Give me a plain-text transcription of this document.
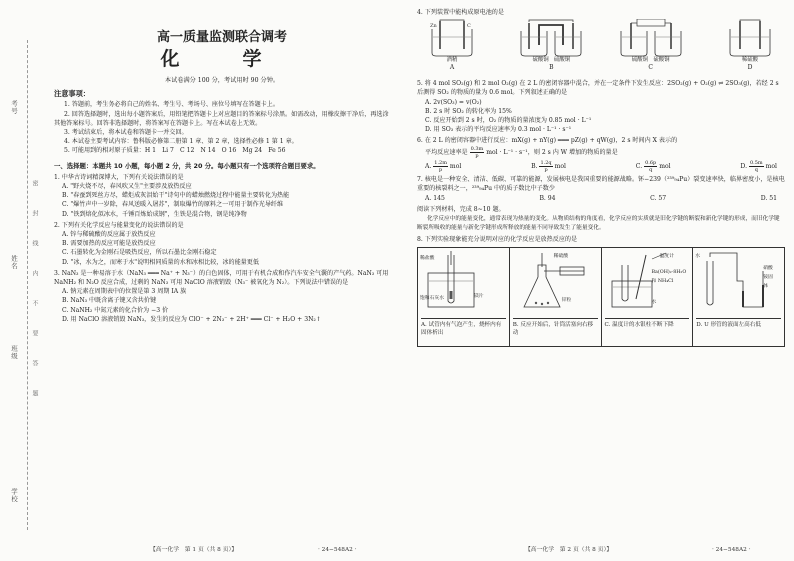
考号
姓名
班级
学校
密　封　线　内　不　要　答　题
高一质量监测联合调考
化　学
本试卷满分 100 分，考试用时 90 分钟。
注意事项：

1. 答题前，考生务必将自己的姓名、考生号、考场号、座位号填写在答题卡上。

2. 回答选择题时，选出每小题答案后，用铅笔把答题卡上对应题目的答案标号涂黑。如需改动，用橡皮擦干净后，再选涂其他答案标号。回答非选择题时，将答案写在答题卡上。写在本试卷上无效。

3. 考试结束后，将本试卷和答题卡一并交回。

4. 本试卷主要考试内容：鲁科版必修第二册第 1 章、第 2 章，选择性必修 1 第 1 章。

5. 可能用到的相对原子质量：H 1　Li 7　C 12　N 14　O 16　Mg 24　Fe 56

一、选择题：本题共 10 小题，每小题 2 分，共 20 分。每小题只有一个选项符合题目要求。
1. 中华古诗词精深博大，下列有关说法错误的是
A. "野火烧不尽，春风吹又生"主要涉及放热反应
B. "春蚕到死丝方尽，蜡炬成灰泪始干"诗句中的蜡烛燃烧过程中能量主要转化为热能
C. "爆竹声中一岁除，春风送暖入屠苏"，制取爆竹的原料之一可用于制作光导纤维
D. "铁到熔化似冰水，千锤百炼始成钢"，生铁是混合物，钢是纯净物
2. 下列有关化学反应与能量变化的说法错误的是
A. 锌与稀硫酸的反应属于放热反应
B. 需要加热的反应可能是放热反应
C. 石墨转化为金刚石是吸热反应，所以石墨比金刚石稳定
D. "冰，水为之，而寒于水"说明相同质量的水和冰相比较，冰的能量更低
3. NaN₃ 是一种易溶于水（NaN₃ ═══ Na⁺ + N₃⁻）的白色固体，可用于有机合成和作汽车安全气囊的产气药。NaN₃ 可用 NaNH₂ 和 N₂O 反应合成，过剩的 NaN₃ 可用 NaClO 溶液销毁（N₃⁻ 被氧化为 N₂）。下列说法中错误的是
A. 钠元素在周期表中的位置是第 3 周期 ⅠA 族
B. NaN₃ 中既含离子键又含共价键
C. NaNH₂ 中氮元素的化合价为 −3 价
D. 用 NaClO 溶液销毁 NaN₃，发生的反应为 ClO⁻ + 2N₃⁻ + 2H⁺ ═══ Cl⁻ + H₂O + 3N₂↑
【高一化学　第 1 页（共 8 页）】	· 24−548A2 ·
4. 下列装置中能构成原电池的是
Zn	C
酒精
A
硫酸铜　硫酸铜
B
硫酸铜　硫酸铜
C
稀硫酸
D
5. 将 4 mol SO₂(g) 和 2 mol O₂(g) 在 2 L 的密闭容器中混合，并在一定条件下发生反应：2SO₂(g) + O₂(g) ⇌ 2SO₃(g)，若经 2 s 后测得 SO₂ 的物质的量为 0.6 mol。下列叙述正确的是
A. 2v(SO₃) = v(O₂)
B. 2 s 时 SO₂ 的转化率为 15%
C. 反应开始到 2 s 时，O₂ 的物质的量浓度为 0.85 mol · L⁻¹
D. 用 SO₃ 表示的平均反应速率为 0.3 mol · L⁻¹ · s⁻¹
6. 在 2 L 的密闭容器中进行反应：mX(g) + nY(g) ═══ pZ(g) + qW(g)，2 s 时间内 X 表示的
平均反应速率是 $\frac{0.3m}{p}$ mol · L⁻¹ · s⁻¹，则 2 s 内 W 增加的物质的量是
A. $\frac{1.2m}{p}$ mol	B. $\frac{1.2q}{p}$ mol	C. $\frac{0.6p}{q}$ mol	D. $\frac{0.5m}{q}$ mol
7. 核电是一种安全、清洁、低碳、可靠的能源，发展核电是我国重要的能源战略。钚−239（²³⁹₉₄Pu）裂变速率快，临界密度小，是核电重要的核裂料之一，²³⁹₉₄Pu 中的质子数比中子数少
A. 145	B. 94	C. 57	D. 51
阅读下列材料，完成 8~10 题。
化学反应中的能量变化，通常表现为热量的变化。从物质结构的角度看，化学反应的实质就是旧化学键的断裂和新化学键的形成，而旧化学键断裂所吸收的能量与新化学键形成所释放的能量不同导致发生了能量变化。
8. 下列实验现象能充分说明对应的化学反应是放热反应的是
稀盐酸
饱和石灰水	镁片
A. 试管内有气泡产生，烧杯内有固体析出
稀硫酸
锌粒
B. 反应开始后，针筒活塞向右移动
温度计
Ba(OH)₂·8H₂O 和 NH₄Cl
水
C. 温度计的水银柱不断下降
水
硝酸铵固体
D. U 形管的液面左高右低
【高一化学　第 2 页（共 8 页）】	· 24−548A2 ·
